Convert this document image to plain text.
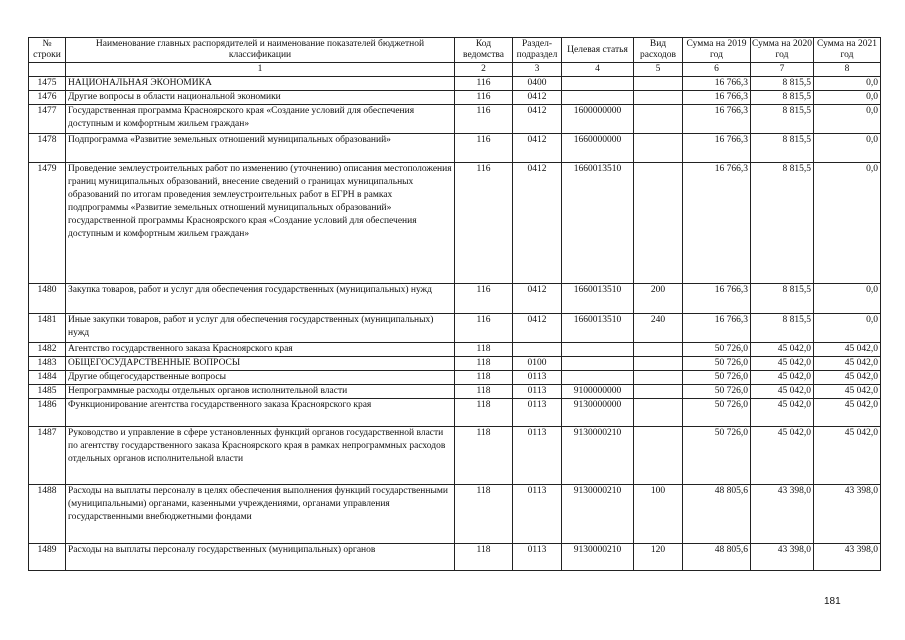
№ строки	Наименование главных распорядителей и наименование показателей бюджетной классификации	Код ведомства	Раздел-подраздел	Целевая статья	Вид расходов	Сумма на 2019 год	Сумма на 2020 год	Сумма на 2021 год
	1	2	3	4	5	6	7	8
1475	НАЦИОНАЛЬНАЯ ЭКОНОМИКА	116	0400			16 766,3	8 815,5	0,0
1476	Другие вопросы в области национальной экономики	116	0412			16 766,3	8 815,5	0,0
1477	Государственная программа Красноярского края «Создание условий для обеспечения доступным и комфортным жильем граждан»	116	0412	1600000000		16 766,3	8 815,5	0,0
1478	Подпрограмма «Развитие земельных отношений муниципальных образований»	116	0412	1660000000		16 766,3	8 815,5	0,0
1479	Проведение землеустроительных работ по изменению (уточнению) описания местоположения границ муниципальных образований, внесение сведений о границах муниципальных образований по итогам проведения землеустроительных работ в ЕГРН в рамках подпрограммы «Развитие земельных отношений муниципальных образований» государственной программы Красноярского края «Создание условий для обеспечения доступным и комфортным жильем граждан»	116	0412	1660013510		16 766,3	8 815,5	0,0
1480	Закупка товаров, работ и услуг для обеспечения государственных (муниципальных) нужд	116	0412	1660013510	200	16 766,3	8 815,5	0,0
1481	Иные закупки товаров, работ и услуг для обеспечения государственных (муниципальных) нужд	116	0412	1660013510	240	16 766,3	8 815,5	0,0
1482	Агентство государственного заказа Красноярского края	118				50 726,0	45 042,0	45 042,0
1483	ОБЩЕГОСУДАРСТВЕННЫЕ ВОПРОСЫ	118	0100			50 726,0	45 042,0	45 042,0
1484	Другие общегосударственные вопросы	118	0113			50 726,0	45 042,0	45 042,0
1485	Непрограммные расходы отдельных органов исполнительной власти	118	0113	9100000000		50 726,0	45 042,0	45 042,0
1486	Функционирование агентства государственного заказа Красноярского края	118	0113	9130000000		50 726,0	45 042,0	45 042,0
1487	Руководство и управление в сфере установленных функций органов государственной власти по агентству государственного заказа Красноярского края в рамках непрограммных расходов отдельных органов исполнительной власти	118	0113	9130000210		50 726,0	45 042,0	45 042,0
1488	Расходы на выплаты персоналу в целях обеспечения выполнения функций государственными (муниципальными) органами, казенными учреждениями, органами управления государственными внебюджетными фондами	118	0113	9130000210	100	48 805,6	43 398,0	43 398,0
1489	Расходы на выплаты персоналу государственных (муниципальных) органов	118	0113	9130000210	120	48 805,6	43 398,0	43 398,0
181
